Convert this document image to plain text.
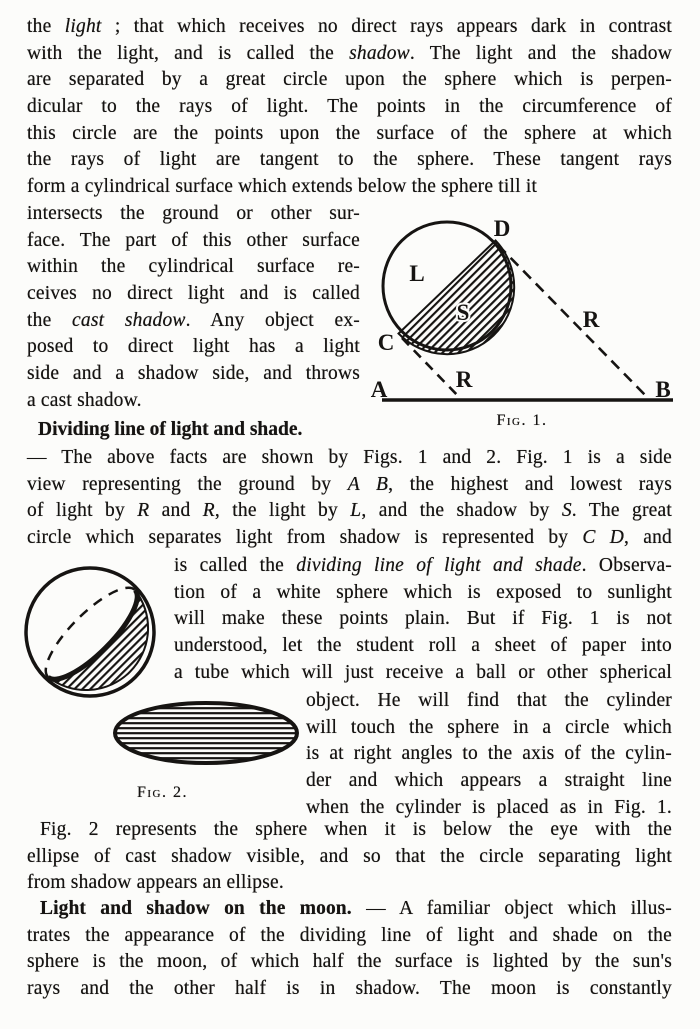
the light ; that which receives no direct rays appears dark in contrast
with the light, and is called the shadow. The light and the shadow
are separated by a great circle upon the sphere which is perpen-
dicular to the rays of light. The points in the circumference of
this circle are the points upon the surface of the sphere at which
the rays of light are tangent to the sphere. These tangent rays
form a cylindrical surface which extends below the sphere till it
intersects the ground or other sur-
face. The part of this other surface
within the cylindrical surface re-
ceives no direct light and is called
the cast shadow. Any object ex-
posed to direct light has a light
side and a shadow side, and throws
a cast shadow.
L
S
D
C
R
R
A	B
Fig. 1.
Dividing line of light and shade.
— The above facts are shown by Figs. 1 and 2. Fig. 1 is a side
view representing the ground by A B, the highest and lowest rays
of light by R and R, the light by L, and the shadow by S. The great
circle which separates light from shadow is represented by C D, and
Fig. 2.
is called the dividing line of light and shade. Observa-
tion of a white sphere which is exposed to sunlight
will make these points plain. But if Fig. 1 is not
understood, let the student roll a sheet of paper into
a tube which will just receive a ball or other spherical
object. He will find that the cylinder
will touch the sphere in a circle which
is at right angles to the axis of the cylin-
der and which appears a straight line
when the cylinder is placed as in Fig. 1.
Fig. 2 represents the sphere when it is below the eye with the
ellipse of cast shadow visible, and so that the circle separating light
from shadow appears an ellipse.
Light and shadow on the moon. — A familiar object which illus-
trates the appearance of the dividing line of light and shade on the
sphere is the moon, of which half the surface is lighted by the sun's
rays and the other half is in shadow. The moon is constantly
